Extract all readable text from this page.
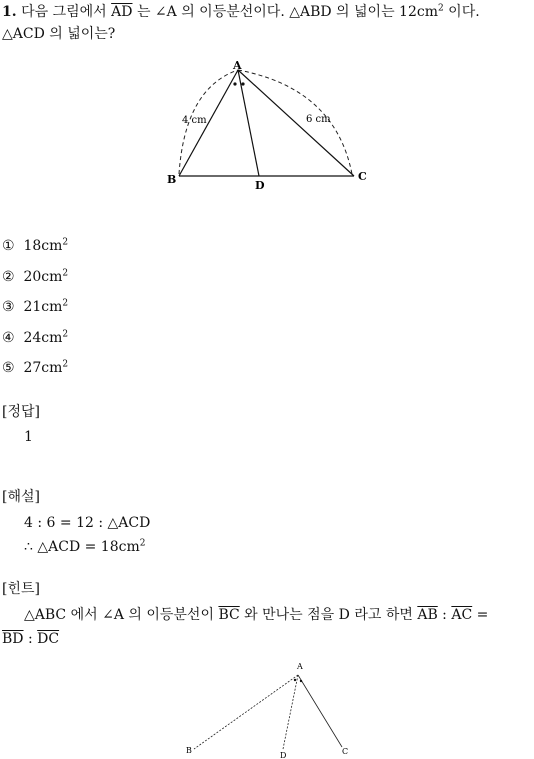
1. 다음 그림에서 $\overline{AD}$ 는 ∠A 의 이등분선이다. △ABD 의 넓이는 $12cm^2$ 이다.
△ACD 의 넓이는?
A
B	C
D
4 cm	6 cm
① $18cm^2$
② $20cm^2$
③ $21cm^2$
④ $24cm^2$
⑤ $27cm^2$
[정답]
1
[해설]
4 : 6 = 12 : △ACD
∴ △ACD = $18cm^2$
[힌트]
△ABC 에서 ∠A 의 이등분선이 $\overline{BC}$ 와 만나는 점을 D 라고 하면 $\overline{AB}$ : $\overline{AC}$ =
$\overline{BD}$ : $\overline{DC}$
A
B	C
D
